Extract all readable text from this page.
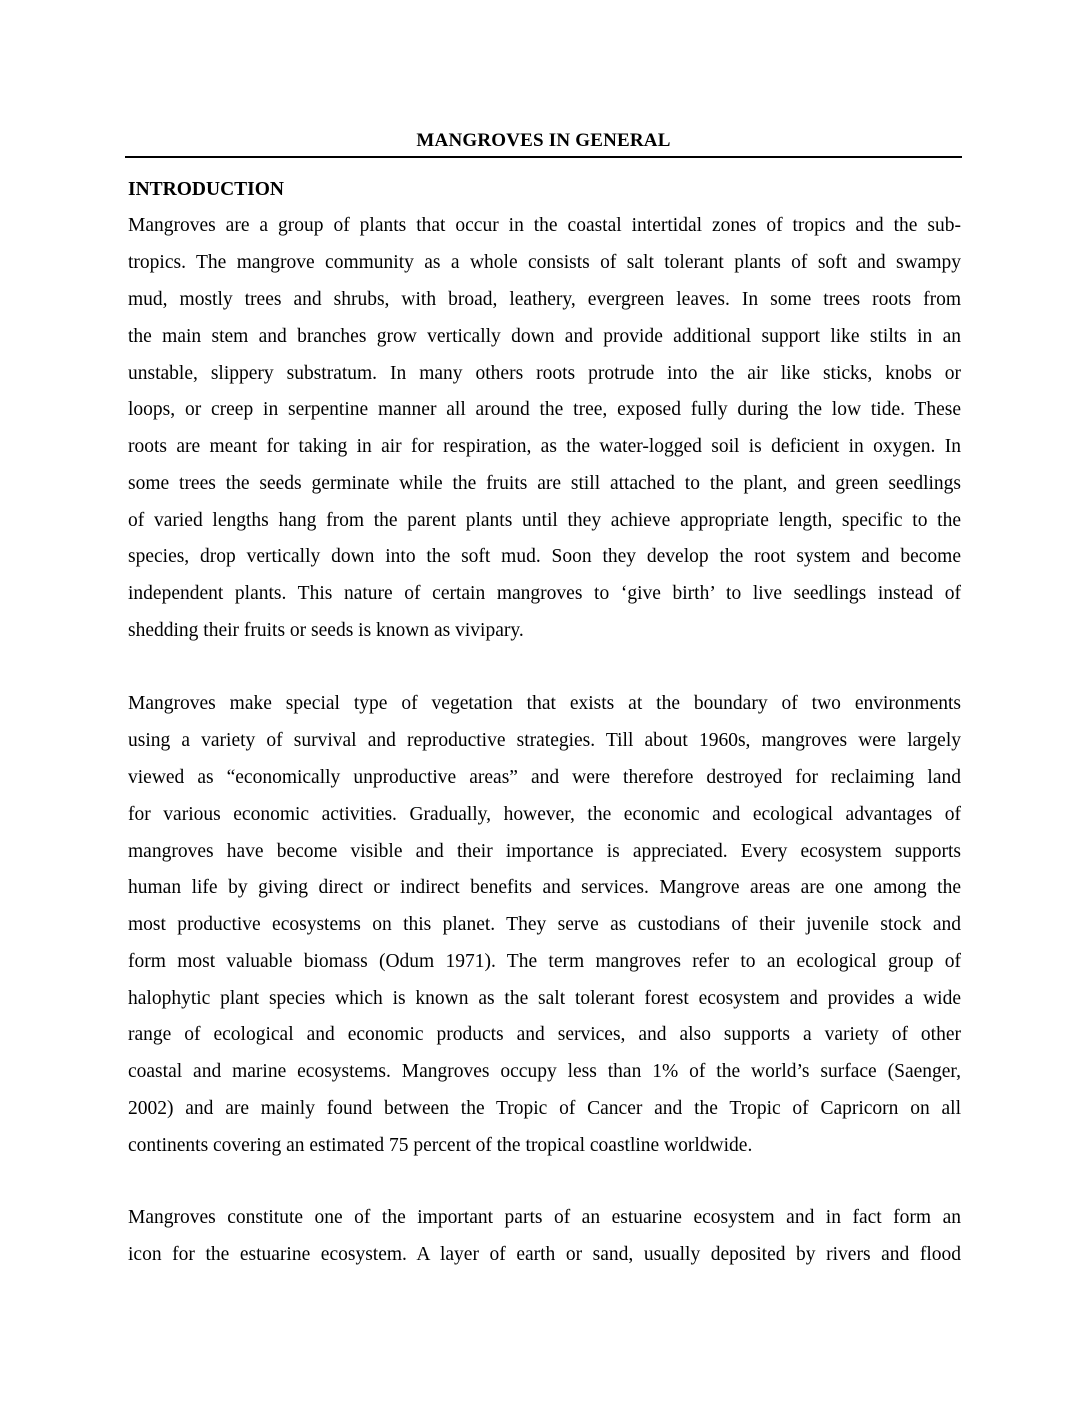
MANGROVES IN GENERAL
INTRODUCTION
Mangroves are a group of plants that occur in the coastal intertidal zones of tropics and the sub-
tropics. The mangrove community as a whole consists of salt tolerant plants of soft and swampy
mud, mostly trees and shrubs, with broad, leathery, evergreen leaves. In some trees roots from
the main stem and branches grow vertically down and provide additional support like stilts in an
unstable, slippery substratum. In many others roots protrude into the air like sticks, knobs or
loops, or creep in serpentine manner all around the tree, exposed fully during the low tide. These
roots are meant for taking in air for respiration, as the water-logged soil is deficient in oxygen. In
some trees the seeds germinate while the fruits are still attached to the plant, and green seedlings
of varied lengths hang from the parent plants until they achieve appropriate length, specific to the
species, drop vertically down into the soft mud. Soon they develop the root system and become
independent plants. This nature of certain mangroves to ‘give birth’ to live seedlings instead of
shedding their fruits or seeds is known as vivipary.
Mangroves make special type of vegetation that exists at the boundary of two environments
using a variety of survival and reproductive strategies. Till about 1960s, mangroves were largely
viewed as “economically unproductive areas” and were therefore destroyed for reclaiming land
for various economic activities. Gradually, however, the economic and ecological advantages of
mangroves have become visible and their importance is appreciated. Every ecosystem supports
human life by giving direct or indirect benefits and services. Mangrove areas are one among the
most productive ecosystems on this planet. They serve as custodians of their juvenile stock and
form most valuable biomass (Odum 1971). The term mangroves refer to an ecological group of
halophytic plant species which is known as the salt tolerant forest ecosystem and provides a wide
range of ecological and economic products and services, and also supports a variety of other
coastal and marine ecosystems. Mangroves occupy less than 1% of the world’s surface (Saenger,
2002) and are mainly found between the Tropic of Cancer and the Tropic of Capricorn on all
continents covering an estimated 75 percent of the tropical coastline worldwide.
Mangroves constitute one of the important parts of an estuarine ecosystem and in fact form an
icon for the estuarine ecosystem. A layer of earth or sand, usually deposited by rivers and flood
